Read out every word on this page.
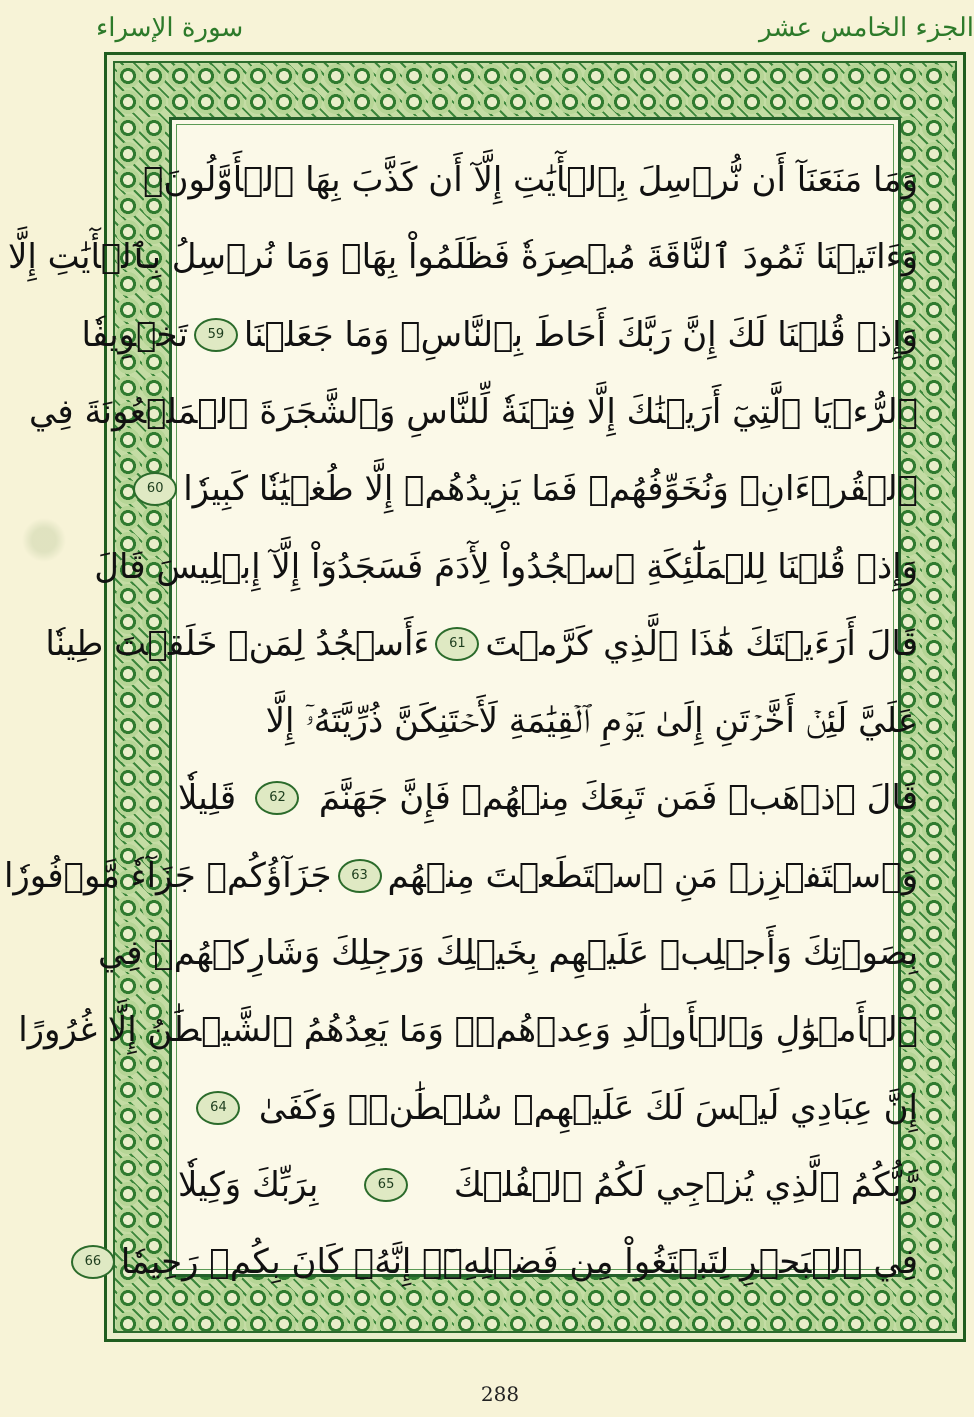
الجزء الخامس عشر
سورة الإسراء
وَمَا مَنَعَنَآ أَن نُّرۡسِلَ بِٱلۡأٓيَٰتِ إِلَّآ أَن كَذَّبَ بِهَا ٱلۡأَوَّلُونَۚ
وَءَاتَيۡنَا ثَمُودَ ٱلنَّاقَةَ مُبۡصِرَةٗ فَظَلَمُواْ بِهَاۚ وَمَا نُرۡسِلُ بِٱلۡأٓيَٰتِ إِلَّا
وَإِذۡ قُلۡنَا لَكَ إِنَّ رَبَّكَ أَحَاطَ بِٱلنَّاسِۚ وَمَا جَعَلۡنَا
59
تَخۡوِيفٗا
ٱلرُّءۡيَا ٱلَّتِيٓ أَرَيۡنَٰكَ إِلَّا فِتۡنَةٗ لِّلنَّاسِ وَٱلشَّجَرَةَ ٱلۡمَلۡعُونَةَ فِي
ٱلۡقُرۡءَانِۚ وَنُخَوِّفُهُمۡ فَمَا يَزِيدُهُمۡ إِلَّا طُغۡيَٰنٗا كَبِيرٗا
60
وَإِذۡ قُلۡنَا لِلۡمَلَٰٓئِكَةِ ٱسۡجُدُواْ لِأٓدَمَ فَسَجَدُوٓاْ إِلَّآ إِبۡلِيسَ قَالَ
قَالَ أَرَءَيۡتَكَ هَٰذَا ٱلَّذِي كَرَّمۡتَ
61
ءَأَسۡجُدُ لِمَنۡ خَلَقۡتَ طِينٗا
عَلَيَّ لَئِنۡ أَخَّرۡتَنِ إِلَىٰ يَوۡمِ ٱلۡقِيَٰمَةِ لَأَحۡتَنِكَنَّ ذُرِّيَّتَهُۥٓ إِلَّا
قَالَ ٱذۡهَبۡ فَمَن تَبِعَكَ مِنۡهُمۡ فَإِنَّ جَهَنَّمَ
62
قَلِيلٗا
وَٱسۡتَفۡزِزۡ مَنِ ٱسۡتَطَعۡتَ مِنۡهُم
63
جَزَآؤُكُمۡ جَزَآءٗ مَّوۡفُورٗا
بِصَوۡتِكَ وَأَجۡلِبۡ عَلَيۡهِم بِخَيۡلِكَ وَرَجِلِكَ وَشَارِكۡهُمۡ فِي
ٱلۡأَمۡوَٰلِ وَٱلۡأَوۡلَٰدِ وَعِدۡهُمۡۚ وَمَا يَعِدُهُمُ ٱلشَّيۡطَٰنُ إِلَّا غُرُورًا
إِنَّ عِبَادِي لَيۡسَ لَكَ عَلَيۡهِمۡ سُلۡطَٰنٞۚ وَكَفَىٰ
64
رَّبُّكُمُ ٱلَّذِي يُزۡجِي لَكُمُ ٱلۡفُلۡكَ
65
بِرَبِّكَ وَكِيلٗا
فِي ٱلۡبَحۡرِ لِتَبۡتَغُواْ مِن فَضۡلِهِۦٓۚ إِنَّهُۥ كَانَ بِكُمۡ رَحِيمٗا
66
288
